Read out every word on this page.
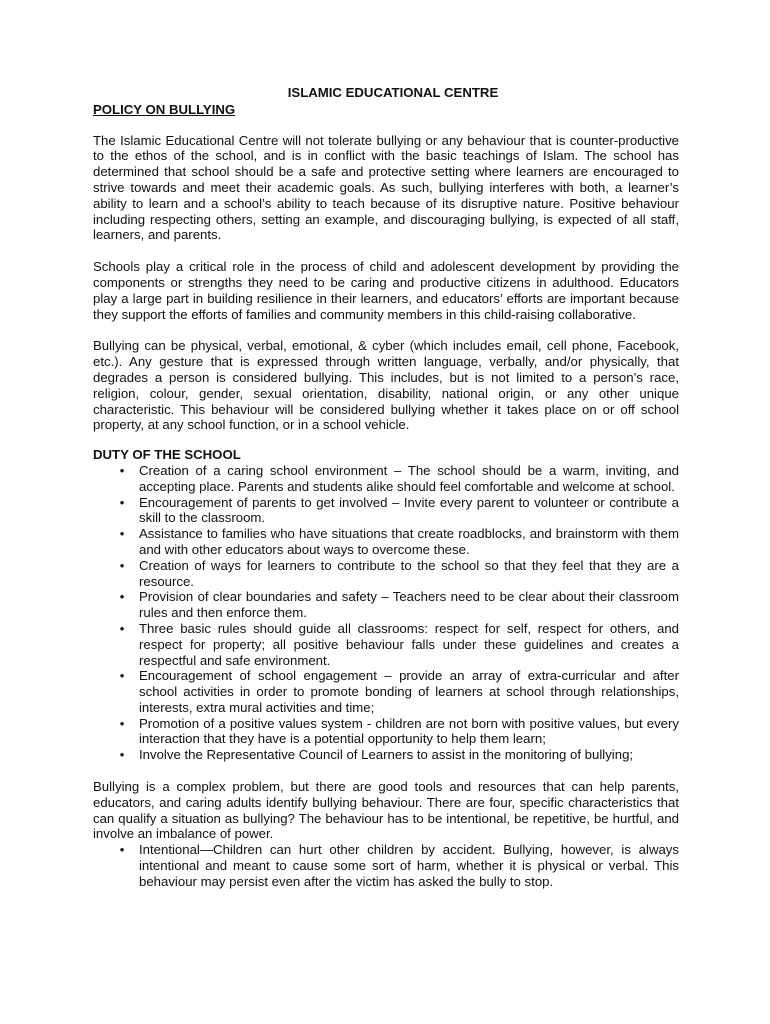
ISLAMIC EDUCATIONAL CENTRE
POLICY ON BULLYING

The Islamic Educational Centre will not tolerate bullying or any behaviour that is counter-productive to the ethos of the school, and is in conflict with the basic teachings of Islam. The school has determined that school should be a safe and protective setting where learners are encouraged to strive towards and meet their academic goals. As such, bullying interferes with both, a learner’s ability to learn and a school’s ability to teach because of its disruptive nature. Positive behaviour including respecting others, setting an example, and discouraging bullying, is expected of all staff, learners, and parents.

Schools play a critical role in the process of child and adolescent development by providing the components or strengths they need to be caring and productive citizens in adulthood. Educators play a large part in building resilience in their learners, and educators’ efforts are important because they support the efforts of families and community members in this child-raising collaborative.

Bullying can be physical, verbal, emotional, & cyber (which includes email, cell phone, Facebook, etc.). Any gesture that is expressed through written language, verbally, and/or physically, that degrades a person is considered bullying. This includes, but is not limited to a person’s race, religion, colour, gender, sexual orientation, disability, national origin, or any other unique characteristic. This behaviour will be considered bullying whether it takes place on or off school property, at any school function, or in a school vehicle.

DUTY OF THE SCHOOL
• Creation of a caring school environment – The school should be a warm, inviting, and accepting place. Parents and students alike should feel comfortable and welcome at school.
• Encouragement of parents to get involved – Invite every parent to volunteer or contribute a skill to the classroom.
• Assistance to families who have situations that create roadblocks, and brainstorm with them and with other educators about ways to overcome these.
• Creation of ways for learners to contribute to the school so that they feel that they are a resource.
• Provision of clear boundaries and safety – Teachers need to be clear about their classroom rules and then enforce them.
• Three basic rules should guide all classrooms: respect for self, respect for others, and respect for property; all positive behaviour falls under these guidelines and creates a respectful and safe environment.
• Encouragement of school engagement – provide an array of extra-curricular and after school activities in order to promote bonding of learners at school through relationships, interests, extra mural activities and time;
• Promotion of a positive values system - children are not born with positive values, but every interaction that they have is a potential opportunity to help them learn;
• Involve the Representative Council of Learners to assist in the monitoring of bullying;

Bullying is a complex problem, but there are good tools and resources that can help parents, educators, and caring adults identify bullying behaviour. There are four, specific characteristics that can qualify a situation as bullying? The behaviour has to be intentional, be repetitive, be hurtful, and involve an imbalance of power.

• Intentional—Children can hurt other children by accident. Bullying, however, is always intentional and meant to cause some sort of harm, whether it is physical or verbal. This behaviour may persist even after the victim has asked the bully to stop.
